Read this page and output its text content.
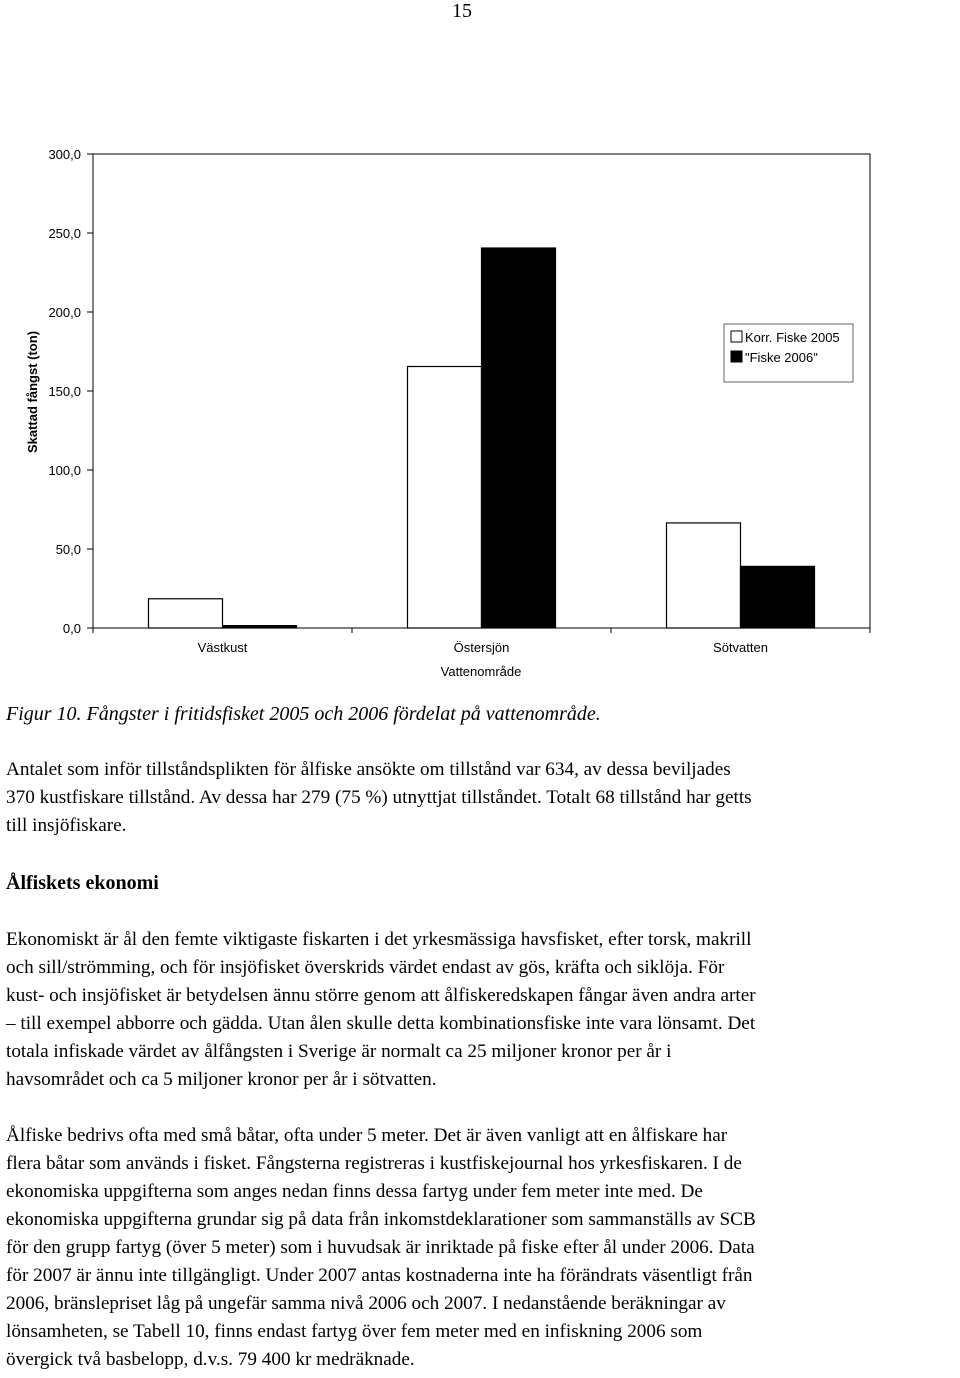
15
Skattad fångst (ton)
0,0
50,0
100,0
150,0
200,0
250,0
300,0
Västkust	Östersjön	Sötvatten
Vattenområde
Korr. Fiske 2005
"Fiske 2006"

Figur 10. Fångster i fritidsfisket 2005 och 2006 fördelat på vattenområde.

Antalet som inför tillståndsplikten för ålfiske ansökte om tillstånd var 634, av dessa beviljades
370 kustfiskare tillstånd. Av dessa har 279 (75 %) utnyttjat tillståndet. Totalt 68 tillstånd har getts
till insjöfiskare.

Ålfiskets ekonomi

Ekonomiskt är ål den femte viktigaste fiskarten i det yrkesmässiga havsfisket, efter torsk, makrill
och sill/strömming, och för insjöfisket överskrids värdet endast av gös, kräfta och siklöja. För
kust- och insjöfisket är betydelsen ännu större genom att ålfiskeredskapen fångar även andra arter
– till exempel abborre och gädda. Utan ålen skulle detta kombinationsfiske inte vara lönsamt. Det
totala infiskade värdet av ålfångsten i Sverige är normalt ca 25 miljoner kronor per år i
havsområdet och ca 5 miljoner kronor per år i sötvatten.

Ålfiske bedrivs ofta med små båtar, ofta under 5 meter. Det är även vanligt att en ålfiskare har
flera båtar som används i fisket. Fångsterna registreras i kustfiskejournal hos yrkesfiskaren. I de
ekonomiska uppgifterna som anges nedan finns dessa fartyg under fem meter inte med. De
ekonomiska uppgifterna grundar sig på data från inkomstdeklarationer som sammanställs av SCB
för den grupp fartyg (över 5 meter) som i huvudsak är inriktade på fiske efter ål under 2006. Data
för 2007 är ännu inte tillgängligt. Under 2007 antas kostnaderna inte ha förändrats väsentligt från
2006, bränslepriset låg på ungefär samma nivå 2006 och 2007. I nedanstående beräkningar av
lönsamheten, se Tabell 10, finns endast fartyg över fem meter med en infiskning 2006 som
övergick två basbelopp, d.v.s. 79 400 kr medräknade.
